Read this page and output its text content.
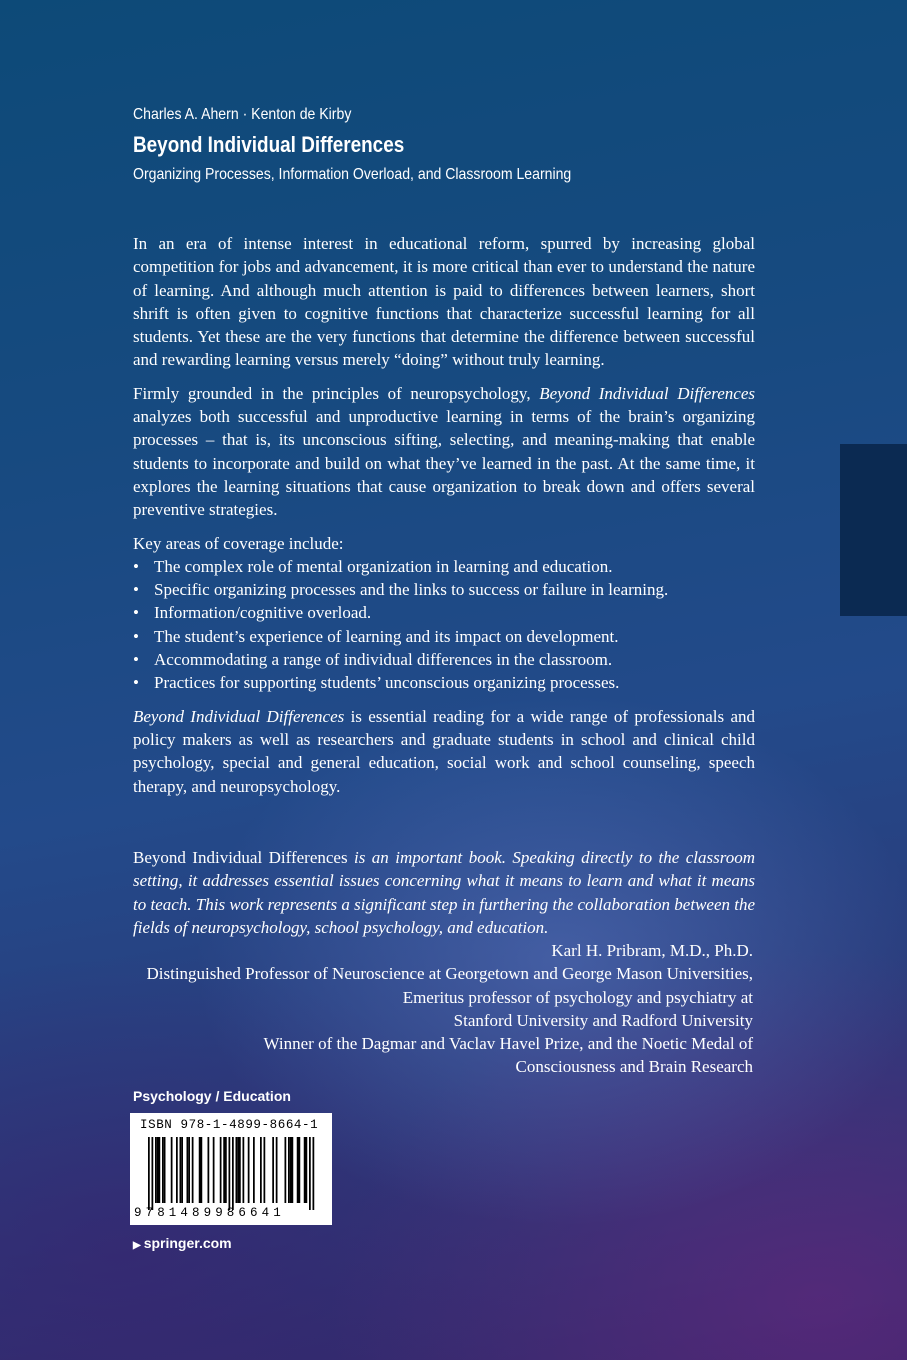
Charles A. Ahern · Kenton de Kirby
Beyond Individual Differences
Organizing Processes, Information Overload, and Classroom Learning

In an era of intense interest in educational reform, spurred by increasing global competition for jobs and advancement, it is more critical than ever to understand the nature of learning. And although much attention is paid to differences between learners, short shrift is often given to cognitive functions that characterize successful learning for all students. Yet these are the very functions that determine the difference between successful and rewarding learning versus merely “doing” without truly learning.

Firmly grounded in the principles of neuropsychology, Beyond Individual Differences analyzes both successful and unproductive learning in terms of the brain’s organizing processes – that is, its unconscious sifting, selecting, and meaning-making that enable students to incorporate and build on what they’ve learned in the past. At the same time, it explores the learning situations that cause organization to break down and offers several preventive strategies.

Key areas of coverage include:
• The complex role of mental organization in learning and education.
• Specific organizing processes and the links to success or failure in learning.
• Information/cognitive overload.
• The student’s experience of learning and its impact on development.
• Accommodating a range of individual differences in the classroom.
• Practices for supporting students’ unconscious organizing processes.

Beyond Individual Differences is essential reading for a wide range of professionals and policy makers as well as researchers and graduate students in school and clinical child psychology, special and general education, social work and school counseling, speech therapy, and neuropsychology.

Beyond Individual Differences is an important book. Speaking directly to the classroom setting, it addresses essential issues concerning what it means to learn and what it means to teach. This work represents a significant step in furthering the collaboration between the fields of neuropsychology, school psychology, and education.

Karl H. Pribram, M.D., Ph.D.
Distinguished Professor of Neuroscience at Georgetown and George Mason Universities,
Emeritus professor of psychology and psychiatry at
Stanford University and Radford University
Winner of the Dagmar and Vaclav Havel Prize, and the Noetic Medal of
Consciousness and Brain Research
Psychology / Education
ISBN 978-1-4899-8664-1
9781489986641
▶ springer.com
